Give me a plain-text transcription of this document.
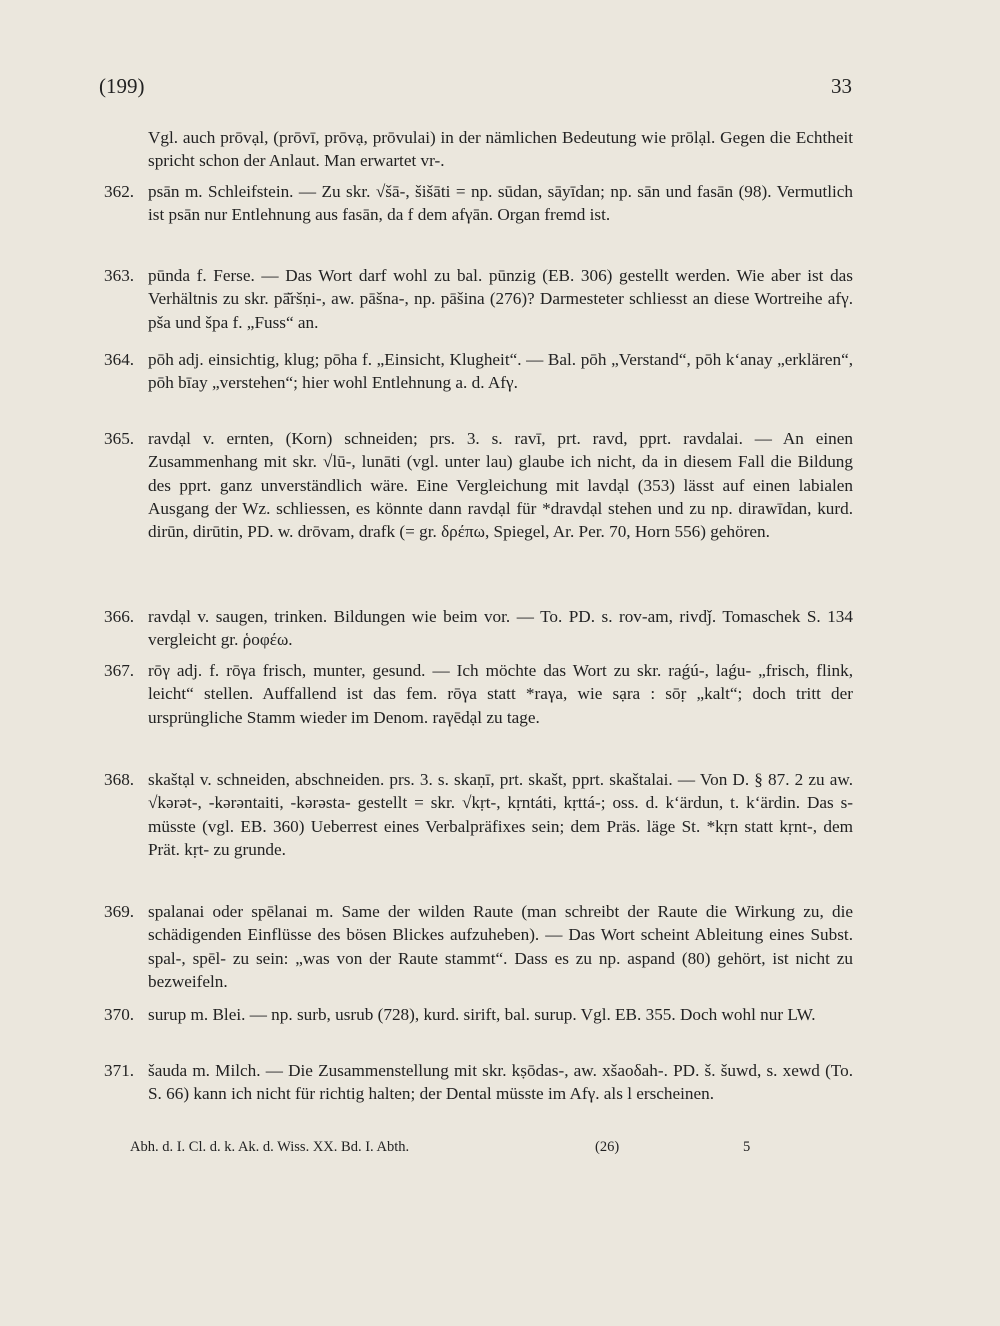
(199)	33
Vgl. auch prōvạl, (prōvī, prōvạ, prōvulai) in der nämlichen Bedeutung wie prōlạl. Gegen die Echtheit spricht schon der Anlaut. Man erwartet vr-.
362. psān m. Schleifstein. — Zu skr. √šā-, šišāti = np. sūdan, sāyīdan; np. sān und fasān (98). Vermutlich ist psān nur Entlehnung aus fasān, da f dem afγān. Organ fremd ist.
363. pūnda f. Ferse. — Das Wort darf wohl zu bal. pūnzig (EB. 306) gestellt werden. Wie aber ist das Verhältnis zu skr. pā̆ršṇi-, aw. pāšna-, np. pāšina (276)? Darmesteter schliesst an diese Wortreihe afγ. pša und špa f. „Fuss“ an.
364. pōh adj. einsichtig, klug; pōha f. „Einsicht, Klugheit“. — Bal. pōh „Verstand“, pōh k‘anay „erklären“, pōh bīay „verstehen“; hier wohl Entlehnung a. d. Afγ.
365. ravdạl v. ernten, (Korn) schneiden; prs. 3. s. ravī, prt. ravd, pprt. ravdalai. — An einen Zusammenhang mit skr. √lū-, lunāti (vgl. unter lau) glaube ich nicht, da in diesem Fall die Bildung des pprt. ganz unverständlich wäre. Eine Vergleichung mit lavdạl (353) lässt auf einen labialen Ausgang der Wz. schliessen, es könnte dann ravdạl für *dravdạl stehen und zu np. dirawīdan, kurd. dirūn, dirūtin, PD. w. drōvam, drafk (= gr. δρέπω, Spiegel, Ar. Per. 70, Horn 556) gehören.
366. ravdạl v. saugen, trinken. Bildungen wie beim vor. — To. PD. s. rov-am, rivdǰ. Tomaschek S. 134 vergleicht gr. ῥοφέω.
367. rōγ adj. f. rōγa frisch, munter, gesund. — Ich möchte das Wort zu skr. raǵú-, laǵu- „frisch, flink, leicht“ stellen. Auffallend ist das fem. rōγa statt *raγa, wie sạra : sōṛ „kalt“; doch tritt der ursprüngliche Stamm wieder im Denom. raγēdạl zu tage.
368. skaštạl v. schneiden, abschneiden. prs. 3. s. skaṇī, prt. skašt, pprt. skaštalai. — Von D. § 87. 2 zu aw. √kərət-, -kərəntaiti, -kərəsta- gestellt = skr. √kṛt-, kṛntáti, kṛttá-; oss. d. k‘ärdun, t. k‘ärdin. Das s- müsste (vgl. EB. 360) Ueberrest eines Verbalpräfixes sein; dem Präs. läge St. *kṛn statt kṛnt-, dem Prät. kṛt- zu grunde.
369. spalanai oder spēlanai m. Same der wilden Raute (man schreibt der Raute die Wirkung zu, die schädigenden Einflüsse des bösen Blickes aufzuheben). — Das Wort scheint Ableitung eines Subst. spal-, spēl- zu sein: „was von der Raute stammt“. Dass es zu np. aspand (80) gehört, ist nicht zu bezweifeln.
370. surup m. Blei. — np. surb, usrub (728), kurd. sirift, bal. surup. Vgl. EB. 355. Doch wohl nur LW.
371. šauda m. Milch. — Die Zusammenstellung mit skr. kṣōdas-, aw. xšaoδah-. PD. š. šuwd, s. xewd (To. S. 66) kann ich nicht für richtig halten; der Dental müsste im Afγ. als l erscheinen.
Abh. d. I. Cl. d. k. Ak. d. Wiss. XX. Bd. I. Abth.	(26)	5
